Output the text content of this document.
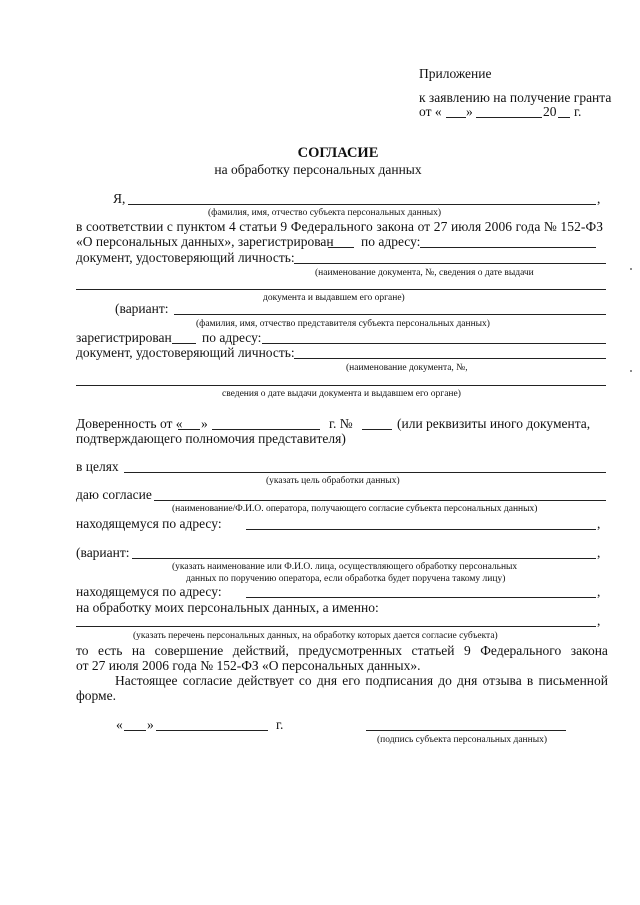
Приложение
к заявлению на получение гранта
от « »	20 г.
СОГЛАСИЕ
на обработку персональных данных
Я,	,
(фамилия, имя, отчество субъекта персональных данных)
в соответствии с пунктом 4 статьи 9 Федерального закона от 27 июля 2006 года № 152-ФЗ
«О персональных данных», зарегистрирован по адресу:
документ, удостоверяющий личность:
(наименование документа, №, сведения о дате выдачи
документа и выдавшем его органе)
(вариант:
(фамилия, имя, отчество представителя субъекта персональных данных)
зарегистрирован по адресу:
документ, удостоверяющий личность:
(наименование документа, №,
сведения о дате выдачи документа и выдавшем его органе)
Доверенность от « »	г. №	(или реквизиты иного документа,
подтверждающего полномочия представителя)
в целях
(указать цель обработки данных)
даю согласие
(наименование/Ф.И.О. оператора, получающего согласие субъекта персональных данных)
находящемуся по адресу:	,
(вариант:	,
(указать наименование или Ф.И.О. лица, осуществляющего обработку персональных
данных по поручению оператора, если обработка будет поручена такому лицу)
находящемуся по адресу:	,
на обработку моих персональных данных, а именно:
,
(указать перечень персональных данных, на обработку которых дается согласие субъекта)
то есть на совершение действий, предусмотренных статьей 9 Федерального закона
от 27 июля 2006 года № 152-ФЗ «О персональных данных».
Настоящее согласие действует со дня его подписания до дня отзыва в письменной
форме.
« »	г.
(подпись субъекта персональных данных)
